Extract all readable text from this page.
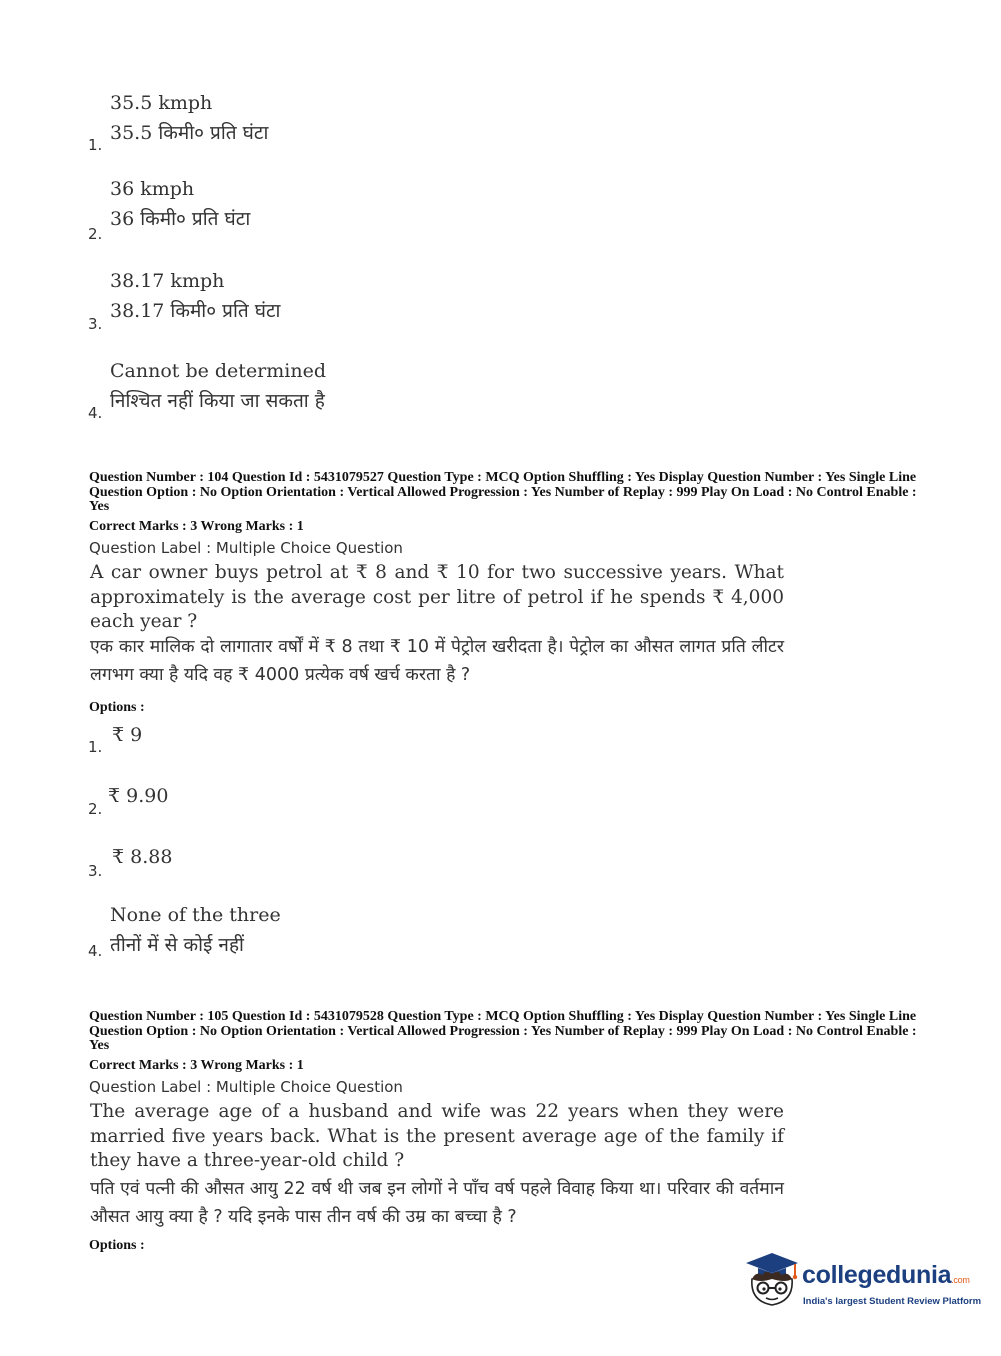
35.5 kmph
35.5 किमी० प्रति घंटा
1.
36 kmph
36 किमी० प्रति घंटा
2.
38.17 kmph
38.17 किमी० प्रति घंटा
3.
Cannot be determined
निश्चित नहीं किया जा सकता है
4.
Question Number : 104 Question Id : 5431079527 Question Type : MCQ Option Shuffling : Yes Display Question Number : Yes Single Line Question Option : No Option Orientation : Vertical Allowed Progression : Yes Number of Replay : 999 Play On Load : No Control Enable : Yes
Correct Marks : 3 Wrong Marks : 1
Question Label : Multiple Choice Question
A car owner buys petrol at ₹ 8 and ₹ 10 for two successive years. What approximately is the average cost per litre of petrol if he spends ₹ 4,000 each year ?
एक कार मालिक दो लागातार वर्षों में ₹ 8 तथा ₹ 10 में पेट्रोल खरीदता है। पेट्रोल का औसत लागत प्रति लीटर लगभग क्या है यदि वह ₹ 4000 प्रत्येक वर्ष खर्च करता है ?
Options :
₹ 9
1.
₹ 9.90
2.
₹ 8.88
3.
None of the three
तीनों में से कोई नहीं
4.
Question Number : 105 Question Id : 5431079528 Question Type : MCQ Option Shuffling : Yes Display Question Number : Yes Single Line Question Option : No Option Orientation : Vertical Allowed Progression : Yes Number of Replay : 999 Play On Load : No Control Enable : Yes
Correct Marks : 3 Wrong Marks : 1
Question Label : Multiple Choice Question
The average age of a husband and wife was 22 years when they were married five years back. What is the present average age of the family if they have a three-year-old child ?
पति एवं पत्नी की औसत आयु 22 वर्ष थी जब इन लोगों ने पाँच वर्ष पहले विवाह किया था। परिवार की वर्तमान औसत आयु क्या है ? यदि इनके पास तीन वर्ष की उम्र का बच्चा है ?
Options :
collegedunia.com
India's largest Student Review Platform
